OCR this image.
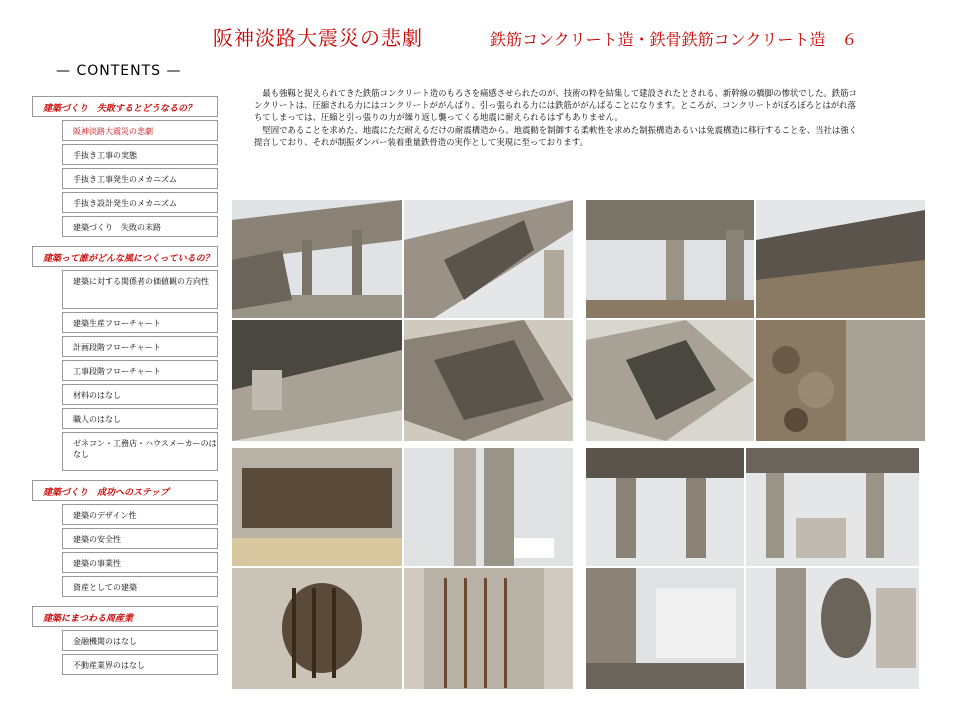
阪神淡路大震災の悲劇	鉄筋コンクリート造・鉄骨鉄筋コンクリート造　６
— CONTENTS —
建築づくり　失敗するとどうなるの？
阪神淡路大震災の悲劇
手抜き工事の実態
手抜き工事発生のメカニズム
手抜き設計発生のメカニズム
建築づくり　失敗の末路
建築って誰がどんな風につくっているの？
建築に対する関係者の価値観の方向性
建築生産フローチャート
計画段階フローチャート
工事段階フローチャート
材料のはなし
職人のはなし
ゼネコン・工務店・ハウスメーカーのはなし
建築づくり　成功へのステップ
建築のデザイン性
建築の安全性
建築の事業性
資産としての建築
建築にまつわる周産業
金融機関のはなし
不動産業界のはなし

最も強靱と捉えられてきた鉄筋コンクリート造のもろさを痛感させられたのが、技術の粋を結集して建設されたとされる、新幹線の橋脚の惨状でした。鉄筋コンクリートは、圧縮される力にはコンクリートががんばり、引っ張られる力には鉄筋ががんばることになります。ところが、コンクリートがぼろぼろとはがれ落ちてしまっては、圧縮と引っ張りの力が繰り返し襲ってくる地震に耐えられるはずもありません。

堅固であることを求めた、地震にただ耐えるだけの耐震構造から、地震動を制御する柔軟性を求めた制振構造あるいは免震構造に移行することを、当社は強く提言しており、それが制振ダンパー装着重量鉄骨造の実作として実現に至っております。
